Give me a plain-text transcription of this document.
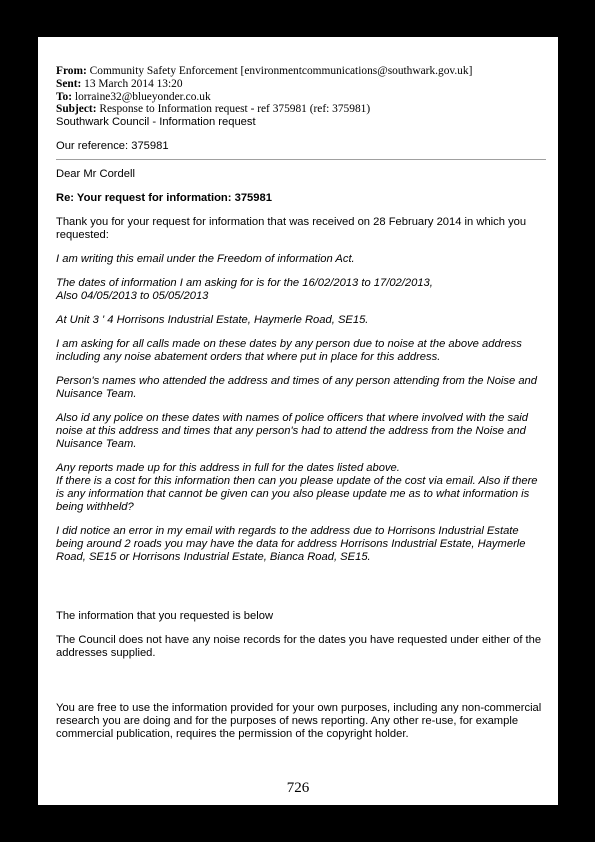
From: Community Safety Enforcement [environmentcommunications@southwark.gov.uk]
Sent: 13 March 2014 13:20
To: lorraine32@blueyonder.co.uk
Subject: Response to Information request - ref 375981 (ref: 375981)
Southwark Council - Information request
Our reference: 375981

Dear Mr Cordell

Re: Your request for information: 375981

Thank you for your request for information that was received on 28 February 2014 in which you requested:

I am writing this email under the Freedom of information Act.

The dates of information I am asking for is for the 16/02/2013 to 17/02/2013,
Also 04/05/2013 to 05/05/2013

At Unit 3 ' 4 Horrisons Industrial Estate, Haymerle Road, SE15.

I am asking for all calls made on these dates by any person due to noise at the above address including any noise abatement orders that where put in place for this address.

Person's names who attended the address and times of any person attending from the Noise and Nuisance Team.

Also id any police on these dates with names of police officers that where involved with the said noise at this address and times that any person's had to attend the address from the Noise and Nuisance Team.

Any reports made up for this address in full for the dates listed above.
If there is a cost for this information then can you please update of the cost via email. Also if there is any information that cannot be given can you also please update me as to what information is being withheld?

I did notice an error in my email with regards to the address due to Horrisons Industrial Estate being around 2 roads you may have the data for address Horrisons Industrial Estate, Haymerle Road, SE15 or Horrisons Industrial Estate, Bianca Road, SE15.

The information that you requested is below

The Council does not have any noise records for the dates you have requested under either of the addresses supplied.

You are free to use the information provided for your own purposes, including any non-commercial research you are doing and for the purposes of news reporting. Any other re-use, for example commercial publication, requires the permission of the copyright holder.

726
